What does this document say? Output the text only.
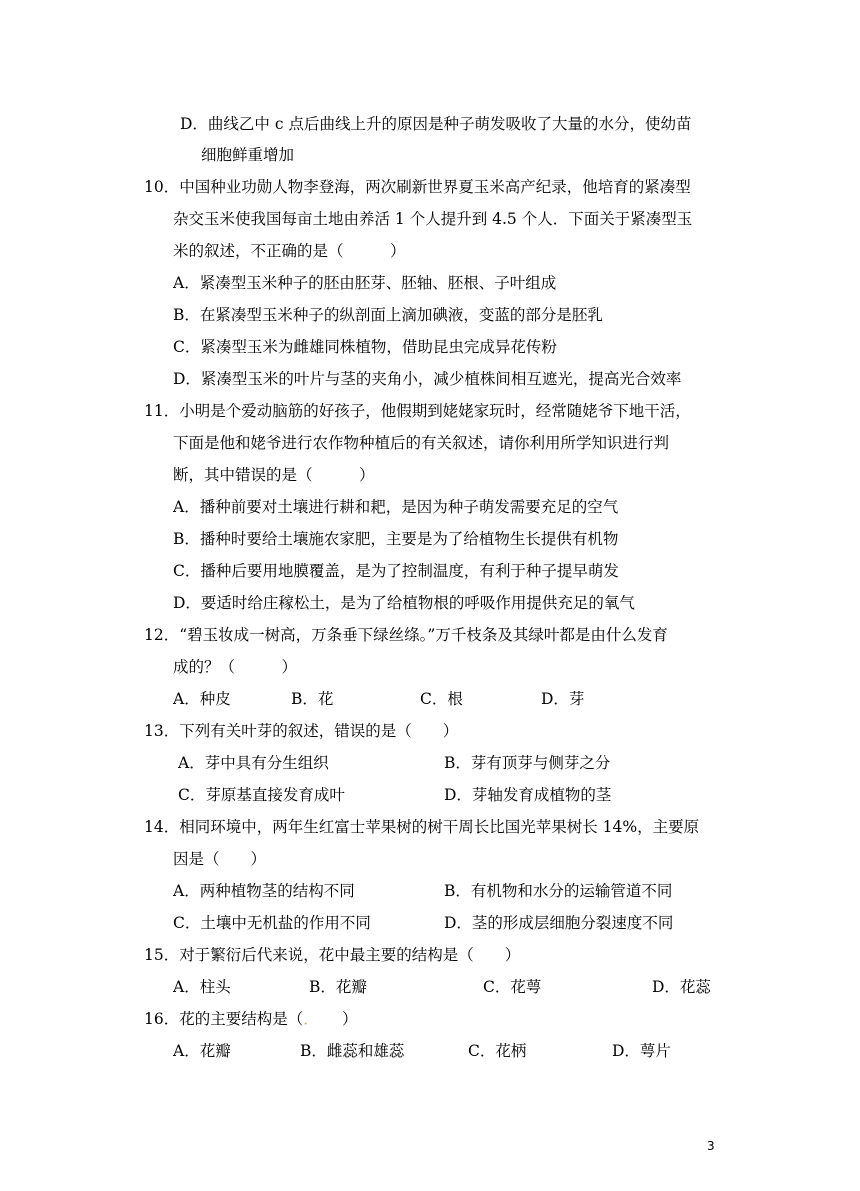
D．曲线乙中 c 点后曲线上升的原因是种子萌发吸收了大量的水分，使幼苗
细胞鲜重增加
10．中国种业功勋人物李登海，两次刷新世界夏玉米高产纪录，他培育的紧凑型
杂交玉米使我国每亩土地由养活 1 个人提升到 4.5 个人．下面关于紧凑型玉
米的叙述，不正确的是（　　　）
A．紧凑型玉米种子的胚由胚芽、胚轴、胚根、子叶组成
B．在紧凑型玉米种子的纵剖面上滴加碘液，变蓝的部分是胚乳
C．紧凑型玉米为雌雄同株植物，借助昆虫完成异花传粉
D．紧凑型玉米的叶片与茎的夹角小，减少植株间相互遮光，提高光合效率
11．小明是个爱动脑筋的好孩子，他假期到姥姥家玩时，经常随姥爷下地干活，
下面是他和姥爷进行农作物种植后的有关叙述，请你利用所学知识进行判
断，其中错误的是（　　　）
A．播种前要对土壤进行耕和耙，是因为种子萌发需要充足的空气
B．播种时要给土壤施农家肥，主要是为了给植物生长提供有机物
C．播种后要用地膜覆盖，是为了控制温度，有利于种子提早萌发
D．要适时给庄稼松土，是为了给植物根的呼吸作用提供充足的氧气
12．“碧玉妆成一树高，万条垂下绿丝绦。”万千枝条及其绿叶都是由什么发育
成的？（　　　）
A．种皮	B．花	C．根	D．芽
13．下列有关叶芽的叙述，错误的是（　　）
A．芽中具有分生组织	B．芽有顶芽与侧芽之分
C．芽原基直接发育成叶	D．芽轴发育成植物的茎
14．相同环境中，两年生红富士苹果树的树干周长比国光苹果树长 14%，主要原
因是（　　）
A．两种植物茎的结构不同	B．有机物和水分的运输管道不同
C．土壤中无机盐的作用不同	D．茎的形成层细胞分裂速度不同
15．对于繁衍后代来说，花中最主要的结构是（　　）
A．柱头	B．花瓣	C．花萼	D．花蕊
16．花的主要结构是（．　　）
A．花瓣	B．雌蕊和雄蕊	C．花柄	D．萼片
3
